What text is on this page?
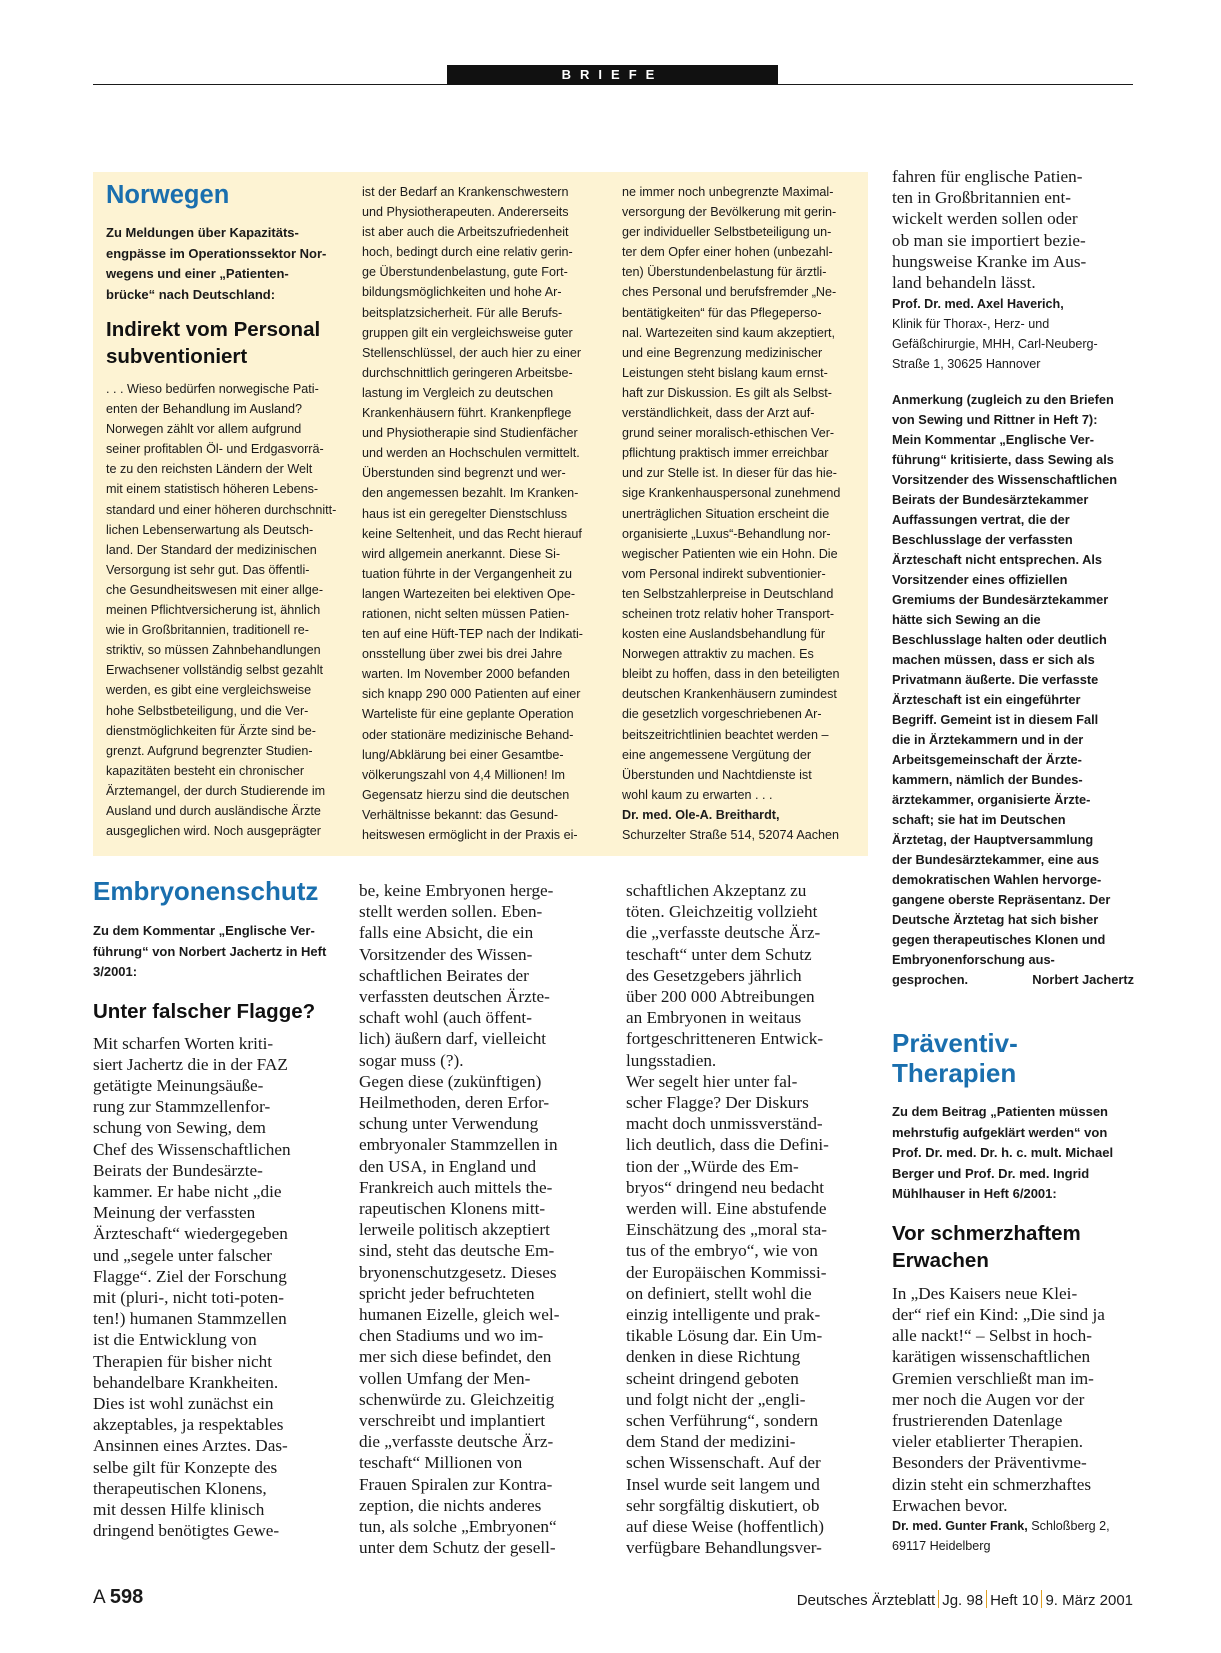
BRIEFE
Norwegen
Zu Meldungen über Kapazitäts-
engpässe im Operationssektor Nor-
wegens und einer „Patienten-
brücke“ nach Deutschland:
Indirekt vom Personal
subventioniert
. . . Wieso bedürfen norwegische Pati-
enten der Behandlung im Ausland?
Norwegen zählt vor allem aufgrund
seiner profitablen Öl- und Erdgasvorrä-
te zu den reichsten Ländern der Welt
mit einem statistisch höheren Lebens-
standard und einer höheren durchschnitt-
lichen Lebenserwartung als Deutsch-
land. Der Standard der medizinischen
Versorgung ist sehr gut. Das öffentli-
che Gesundheitswesen mit einer allge-
meinen Pflichtversicherung ist, ähnlich
wie in Großbritannien, traditionell re-
striktiv, so müssen Zahnbehandlungen
Erwachsener vollständig selbst gezahlt
werden, es gibt eine vergleichsweise
hohe Selbstbeteiligung, und die Ver-
dienstmöglichkeiten für Ärzte sind be-
grenzt. Aufgrund begrenzter Studien-
kapazitäten besteht ein chronischer
Ärztemangel, der durch Studierende im
Ausland und durch ausländische Ärzte
ausgeglichen wird. Noch ausgeprägter
ist der Bedarf an Krankenschwestern
und Physiotherapeuten. Andererseits
ist aber auch die Arbeitszufriedenheit
hoch, bedingt durch eine relativ gerin-
ge Überstundenbelastung, gute Fort-
bildungsmöglichkeiten und hohe Ar-
beitsplatzsicherheit. Für alle Berufs-
gruppen gilt ein vergleichsweise guter
Stellenschlüssel, der auch hier zu einer
durchschnittlich geringeren Arbeitsbe-
lastung im Vergleich zu deutschen
Krankenhäusern führt. Krankenpflege
und Physiotherapie sind Studienfächer
und werden an Hochschulen vermittelt.
Überstunden sind begrenzt und wer-
den angemessen bezahlt. Im Kranken-
haus ist ein geregelter Dienstschluss
keine Seltenheit, und das Recht hierauf
wird allgemein anerkannt. Diese Si-
tuation führte in der Vergangenheit zu
langen Wartezeiten bei elektiven Ope-
rationen, nicht selten müssen Patien-
ten auf eine Hüft-TEP nach der Indikati-
onsstellung über zwei bis drei Jahre
warten. Im November 2000 befanden
sich knapp 290 000 Patienten auf einer
Warteliste für eine geplante Operation
oder stationäre medizinische Behand-
lung/Abklärung bei einer Gesamtbe-
völkerungszahl von 4,4 Millionen! Im
Gegensatz hierzu sind die deutschen
Verhältnisse bekannt: das Gesund-
heitswesen ermöglicht in der Praxis ei-
ne immer noch unbegrenzte Maximal-
versorgung der Bevölkerung mit gerin-
ger individueller Selbstbeteiligung un-
ter dem Opfer einer hohen (unbezahl-
ten) Überstundenbelastung für ärztli-
ches Personal und berufsfremder „Ne-
bentätigkeiten“ für das Pflegeperso-
nal. Wartezeiten sind kaum akzeptiert,
und eine Begrenzung medizinischer
Leistungen steht bislang kaum ernst-
haft zur Diskussion. Es gilt als Selbst-
verständlichkeit, dass der Arzt auf-
grund seiner moralisch-ethischen Ver-
pflichtung praktisch immer erreichbar
und zur Stelle ist. In dieser für das hie-
sige Krankenhauspersonal zunehmend
unerträglichen Situation erscheint die
organisierte „Luxus“-Behandlung nor-
wegischer Patienten wie ein Hohn. Die
vom Personal indirekt subventionier-
ten Selbstzahlerpreise in Deutschland
scheinen trotz relativ hoher Transport-
kosten eine Auslandsbehandlung für
Norwegen attraktiv zu machen. Es
bleibt zu hoffen, dass in den beteiligten
deutschen Krankenhäusern zumindest
die gesetzlich vorgeschriebenen Ar-
beitszeitrichtlinien beachtet werden –
eine angemessene Vergütung der
Überstunden und Nachtdienste ist
wohl kaum zu erwarten . . .
Dr. med. Ole-A. Breithardt,
Schurzelter Straße 514, 52074 Aachen
Embryonenschutz
Zu dem Kommentar „Englische Ver-
führung“ von Norbert Jachertz in Heft
3/2001:
Unter falscher Flagge?
Mit scharfen Worten kriti-
siert Jachertz die in der FAZ
getätigte Meinungsäuße-
rung zur Stammzellenfor-
schung von Sewing, dem
Chef des Wissenschaftlichen
Beirats der Bundesärzte-
kammer. Er habe nicht „die
Meinung der verfassten
Ärzteschaft“ wiedergegeben
und „segele unter falscher
Flagge“. Ziel der Forschung
mit (pluri-, nicht toti-poten-
ten!) humanen Stammzellen
ist die Entwicklung von
Therapien für bisher nicht
behandelbare Krankheiten.
Dies ist wohl zunächst ein
akzeptables, ja respektables
Ansinnen eines Arztes. Das-
selbe gilt für Konzepte des
therapeutischen Klonens,
mit dessen Hilfe klinisch
dringend benötigtes Gewe-
be, keine Embryonen herge-
stellt werden sollen. Eben-
falls eine Absicht, die ein
Vorsitzender des Wissen-
schaftlichen Beirates der
verfassten deutschen Ärzte-
schaft wohl (auch öffent-
lich) äußern darf, vielleicht
sogar muss (?).
Gegen diese (zukünftigen)
Heilmethoden, deren Erfor-
schung unter Verwendung
embryonaler Stammzellen in
den USA, in England und
Frankreich auch mittels the-
rapeutischen Klonens mitt-
lerweile politisch akzeptiert
sind, steht das deutsche Em-
bryonenschutzgesetz. Dieses
spricht jeder befruchteten
humanen Eizelle, gleich wel-
chen Stadiums und wo im-
mer sich diese befindet, den
vollen Umfang der Men-
schenwürde zu. Gleichzeitig
verschreibt und implantiert
die „verfasste deutsche Ärz-
teschaft“ Millionen von
Frauen Spiralen zur Kontra-
zeption, die nichts anderes
tun, als solche „Embryonen“
unter dem Schutz der gesell-
schaftlichen Akzeptanz zu
töten. Gleichzeitig vollzieht
die „verfasste deutsche Ärz-
teschaft“ unter dem Schutz
des Gesetzgebers jährlich
über 200 000 Abtreibungen
an Embryonen in weitaus
fortgeschritteneren Entwick-
lungsstadien.
Wer segelt hier unter fal-
scher Flagge? Der Diskurs
macht doch unmissverständ-
lich deutlich, dass die Defini-
tion der „Würde des Em-
bryos“ dringend neu bedacht
werden will. Eine abstufende
Einschätzung des „moral sta-
tus of the embryo“, wie von
der Europäischen Kommissi-
on definiert, stellt wohl die
einzig intelligente und prak-
tikable Lösung dar. Ein Um-
denken in diese Richtung
scheint dringend geboten
und folgt nicht der „engli-
schen Verführung“, sondern
dem Stand der medizini-
schen Wissenschaft. Auf der
Insel wurde seit langem und
sehr sorgfältig diskutiert, ob
auf diese Weise (hoffentlich)
verfügbare Behandlungsver-
fahren für englische Patien-
ten in Großbritannien ent-
wickelt werden sollen oder
ob man sie importiert bezie-
hungsweise Kranke im Aus-
land behandeln lässt.
Prof. Dr. med. Axel Haverich,
Klinik für Thorax-, Herz- und
Gefäßchirurgie, MHH, Carl-Neuberg-
Straße 1, 30625 Hannover
Anmerkung (zugleich zu den Briefen
von Sewing und Rittner in Heft 7):
Mein Kommentar „Englische Ver-
führung“ kritisierte, dass Sewing als
Vorsitzender des Wissenschaftlichen
Beirats der Bundesärztekammer
Auffassungen vertrat, die der
Beschlusslage der verfassten
Ärzteschaft nicht entsprechen. Als
Vorsitzender eines offiziellen
Gremiums der Bundesärztekammer
hätte sich Sewing an die
Beschlusslage halten oder deutlich
machen müssen, dass er sich als
Privatmann äußerte. Die verfasste
Ärzteschaft ist ein eingeführter
Begriff. Gemeint ist in diesem Fall
die in Ärztekammern und in der
Arbeitsgemeinschaft der Ärzte-
kammern, nämlich der Bundes-
ärztekammer, organisierte Ärzte-
schaft; sie hat im Deutschen
Ärztetag, der Hauptversammlung
der Bundesärztekammer, eine aus
demokratischen Wahlen hervorge-
gangene oberste Repräsentanz. Der
Deutsche Ärztetag hat sich bisher
gegen therapeutisches Klonen und
Embryonenforschung aus-
gesprochen.	Norbert Jachertz
Präventiv-Therapien
Zu dem Beitrag „Patienten müssen
mehrstufig aufgeklärt werden“ von
Prof. Dr. med. Dr. h. c. mult. Michael
Berger und Prof. Dr. med. Ingrid
Mühlhauser in Heft 6/2001:
Vor schmerzhaftem
Erwachen
In „Des Kaisers neue Klei-
der“ rief ein Kind: „Die sind ja
alle nackt!“ – Selbst in hoch-
karätigen wissenschaftlichen
Gremien verschließt man im-
mer noch die Augen vor der
frustrierenden Datenlage
vieler etablierter Therapien.
Besonders der Präventivme-
dizin steht ein schmerzhaftes
Erwachen bevor.
Dr. med. Gunter Frank, Schloßberg 2,
69117 Heidelberg
A 598	Deutsches Ärzteblatt Jg. 98 Heft 10 9. März 2001
